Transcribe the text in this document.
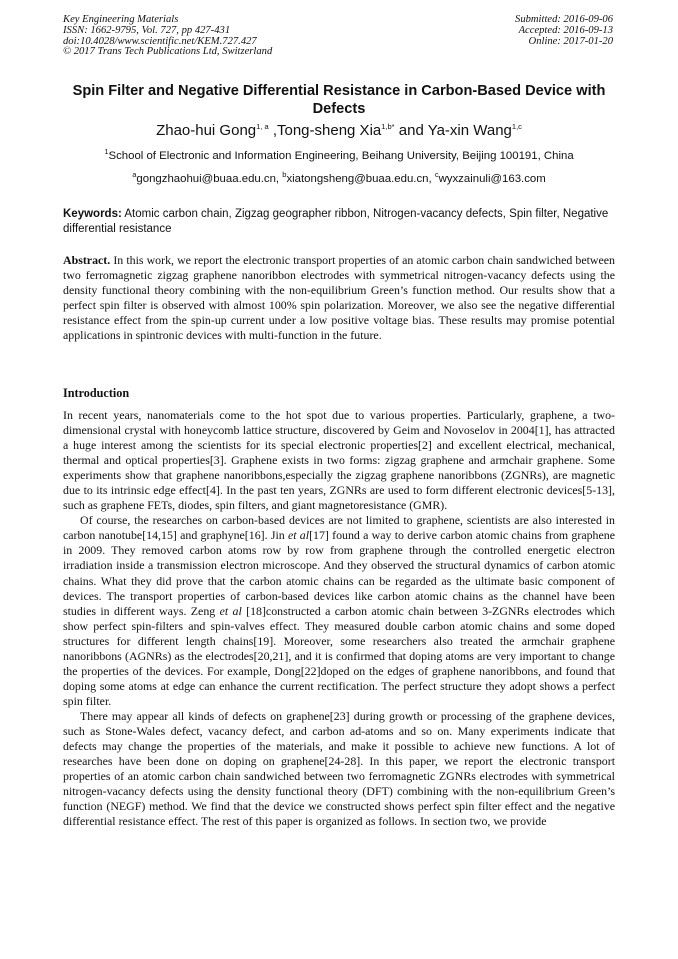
Key Engineering Materials
ISSN: 1662-9795, Vol. 727, pp 427-431
doi:10.4028/www.scientific.net/KEM.727.427
© 2017 Trans Tech Publications Ltd, Switzerland
Submitted: 2016-09-06
Accepted: 2016-09-13
Online: 2017-01-20
Spin Filter and Negative Differential Resistance in Carbon-Based Device with Defects
Zhao-hui Gong$^{1, a}$ ,Tong-sheng Xia$^{1,b*}$ and Ya-xin Wang$^{1,c}$
$^1$School of Electronic and Information Engineering, Beihang University, Beijing 100191, China
$^a$gongzhaohui@buaa.edu.cn, $^b$xiatongsheng@buaa.edu.cn, $^c$wyxzainuli@163.com
Keywords: Atomic carbon chain, Zigzag geographer ribbon, Nitrogen-vacancy defects, Spin filter, Negative differential resistance
Abstract. In this work, we report the electronic transport properties of an atomic carbon chain sandwiched between two ferromagnetic zigzag graphene nanoribbon electrodes with symmetrical nitrogen-vacancy defects using the density functional theory combining with the non-equilibrium Green’s function method. Our results show that a perfect spin filter is observed with almost 100% spin polarization. Moreover, we also see the negative differential resistance effect from the spin-up current under a low positive voltage bias. These results may promise potential applications in spintronic devices with multi-function in the future.
Introduction

In recent years, nanomaterials come to the hot spot due to various properties. Particularly, graphene, a two-dimensional crystal with honeycomb lattice structure, discovered by Geim and Novoselov in 2004[1], has attracted a huge interest among the scientists for its special electronic properties[2] and excellent electrical, mechanical, thermal and optical properties[3]. Graphene exists in two forms: zigzag graphene and armchair graphene. Some experiments show that graphene nanoribbons,especially the zigzag graphene nanoribbons (ZGNRs), are magnetic due to its intrinsic edge effect[4]. In the past ten years, ZGNRs are used to form different electronic devices[5-13], such as graphene FETs, diodes, spin filters, and giant magnetoresistance (GMR).

Of course, the researches on carbon-based devices are not limited to graphene, scientists are also interested in carbon nanotube[14,15] and graphyne[16]. Jin et al[17] found a way to derive carbon atomic chains from graphene in 2009. They removed carbon atoms row by row from graphene through the controlled energetic electron irradiation inside a transmission electron microscope. And they observed the structural dynamics of carbon atomic chains. What they did prove that the carbon atomic chains can be regarded as the ultimate basic component of devices. The transport properties of carbon-based devices like carbon atomic chains as the channel have been studies in different ways. Zeng et al [18]constructed a carbon atomic chain between 3-ZGNRs electrodes which show perfect spin-filters and spin-valves effect. They measured double carbon atomic chains and some doped structures for different length chains[19]. Moreover, some researchers also treated the armchair graphene nanoribbons (AGNRs) as the electrodes[20,21], and it is confirmed that doping atoms are very important to change the properties of the devices. For example, Dong[22]doped on the edges of graphene nanoribbons, and found that doping some atoms at edge can enhance the current rectification. The perfect structure they adopt shows a perfect spin filter.

There may appear all kinds of defects on graphene[23] during growth or processing of the graphene devices, such as Stone-Wales defect, vacancy defect, and carbon ad-atoms and so on. Many experiments indicate that defects may change the properties of the materials, and make it possible to achieve new functions. A lot of researches have been done on doping on graphene[24-28]. In this paper, we report the electronic transport properties of an atomic carbon chain sandwiched between two ferromagnetic ZGNRs electrodes with symmetrical nitrogen-vacancy defects using the density functional theory (DFT) combining with the non-equilibrium Green’s function (NEGF) method. We find that the device we constructed shows perfect spin filter effect and the negative differential resistance effect. The rest of this paper is organized as follows. In section two, we provide
